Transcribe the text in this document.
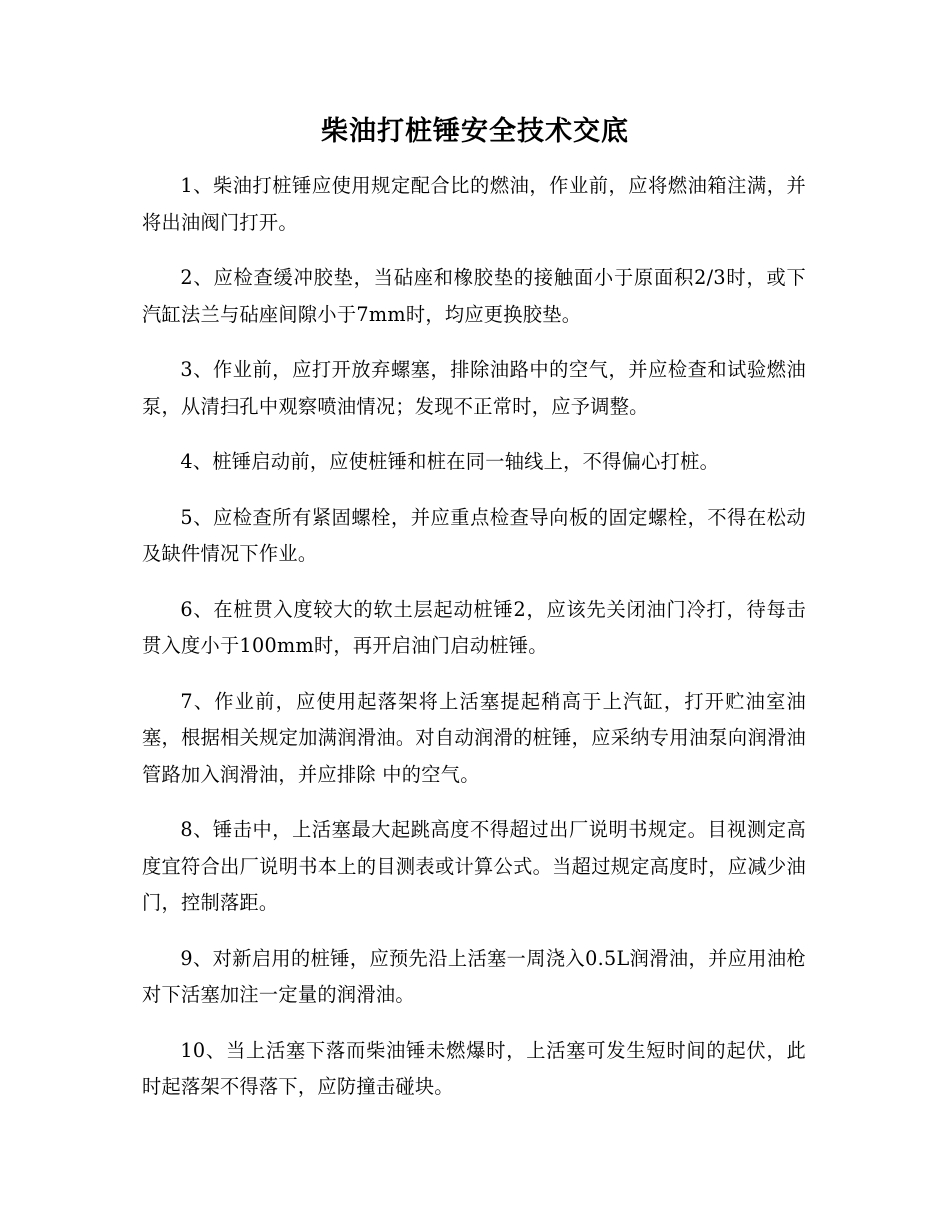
柴油打桩锤安全技术交底

1、柴油打桩锤应使用规定配合比的燃油，作业前，应将燃油箱注满，并将出油阀门打开。

2、应检查缓冲胶垫，当砧座和橡胶垫的接触面小于原面积2/3时，或下汽缸法兰与砧座间隙小于7mm时，均应更换胶垫。

3、作业前，应打开放弃螺塞，排除油路中的空气，并应检查和试验燃油泵，从清扫孔中观察喷油情况；发现不正常时，应予调整。

4、桩锤启动前，应使桩锤和桩在同一轴线上，不得偏心打桩。

5、应检查所有紧固螺栓，并应重点检查导向板的固定螺栓，不得在松动及缺件情况下作业。

6、在桩贯入度较大的软土层起动桩锤2，应该先关闭油门冷打，待每击贯入度小于100mm时，再开启油门启动桩锤。

7、作业前，应使用起落架将上活塞提起稍高于上汽缸，打开贮油室油塞，根据相关规定加满润滑油。对自动润滑的桩锤，应采纳专用油泵向润滑油管路加入润滑油，并应排除 中的空气。

8、锤击中，上活塞最大起跳高度不得超过出厂说明书规定。目视测定高度宜符合出厂说明书本上的目测表或计算公式。当超过规定高度时，应减少油门，控制落距。

9、对新启用的桩锤，应预先沿上活塞一周浇入0.5L润滑油，并应用油枪对下活塞加注一定量的润滑油。

10、当上活塞下落而柴油锤未燃爆时，上活塞可发生短时间的起伏，此时起落架不得落下，应防撞击碰块。
